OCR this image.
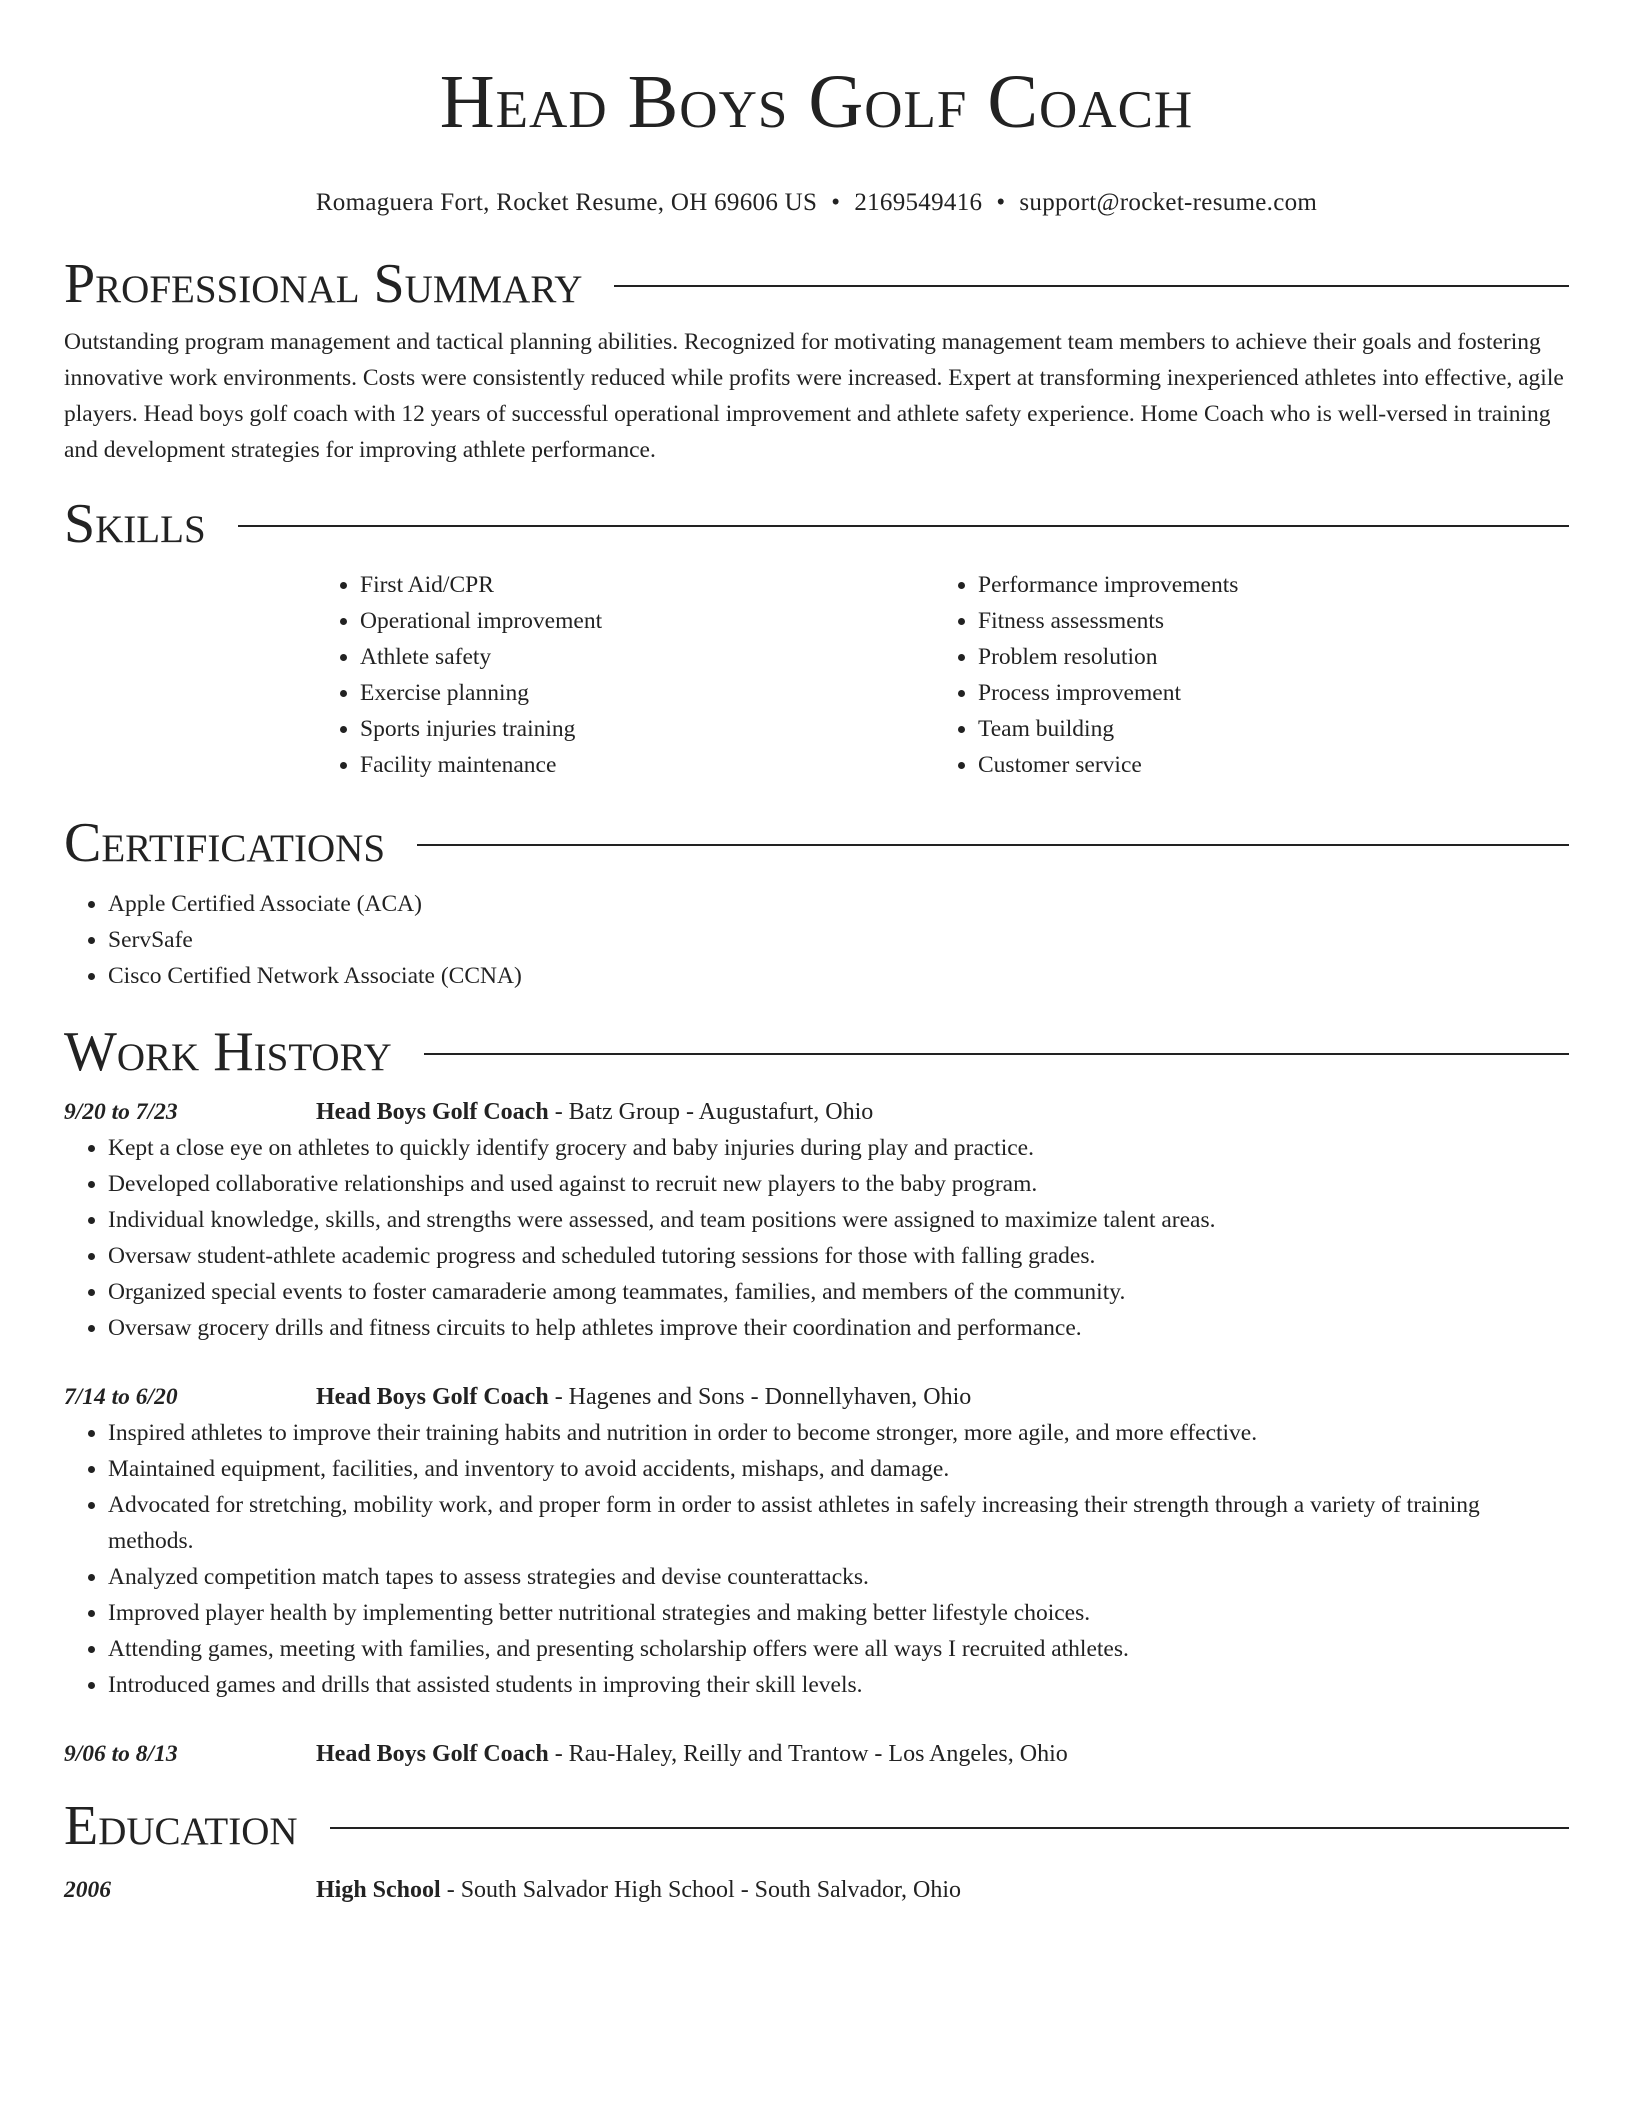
Head Boys Golf Coach
Romaguera Fort, Rocket Resume, OH 69606 US • 2169549416 • support@rocket-resume.com
Professional Summary

Outstanding program management and tactical planning abilities. Recognized for motivating management team members to achieve their goals and fostering innovative work environments. Costs were consistently reduced while profits were increased. Expert at transforming inexperienced athletes into effective, agile players. Head boys golf coach with 12 years of successful operational improvement and athlete safety experience. Home Coach who is well-versed in training and development strategies for improving athlete performance.

Skills
• First Aid/CPR
• Operational improvement
• Athlete safety
• Exercise planning
• Sports injuries training
• Facility maintenance
• Performance improvements
• Fitness assessments
• Problem resolution
• Process improvement
• Team building
• Customer service
Certifications
• Apple Certified Associate (ACA)
• ServSafe
• Cisco Certified Network Associate (CCNA)
Work History
9/20 to 7/23	Head Boys Golf Coach - Batz Group - Augustafurt, Ohio
• Kept a close eye on athletes to quickly identify grocery and baby injuries during play and practice.
• Developed collaborative relationships and used against to recruit new players to the baby program.
• Individual knowledge, skills, and strengths were assessed, and team positions were assigned to maximize talent areas.
• Oversaw student-athlete academic progress and scheduled tutoring sessions for those with falling grades.
• Organized special events to foster camaraderie among teammates, families, and members of the community.
• Oversaw grocery drills and fitness circuits to help athletes improve their coordination and performance.
7/14 to 6/20	Head Boys Golf Coach - Hagenes and Sons - Donnellyhaven, Ohio
• Inspired athletes to improve their training habits and nutrition in order to become stronger, more agile, and more effective.
• Maintained equipment, facilities, and inventory to avoid accidents, mishaps, and damage.
• Advocated for stretching, mobility work, and proper form in order to assist athletes in safely increasing their strength through a variety of training methods.
• Analyzed competition match tapes to assess strategies and devise counterattacks.
• Improved player health by implementing better nutritional strategies and making better lifestyle choices.
• Attending games, meeting with families, and presenting scholarship offers were all ways I recruited athletes.
• Introduced games and drills that assisted students in improving their skill levels.
9/06 to 8/13	Head Boys Golf Coach - Rau-Haley, Reilly and Trantow - Los Angeles, Ohio
Education
2006	High School - South Salvador High School - South Salvador, Ohio
